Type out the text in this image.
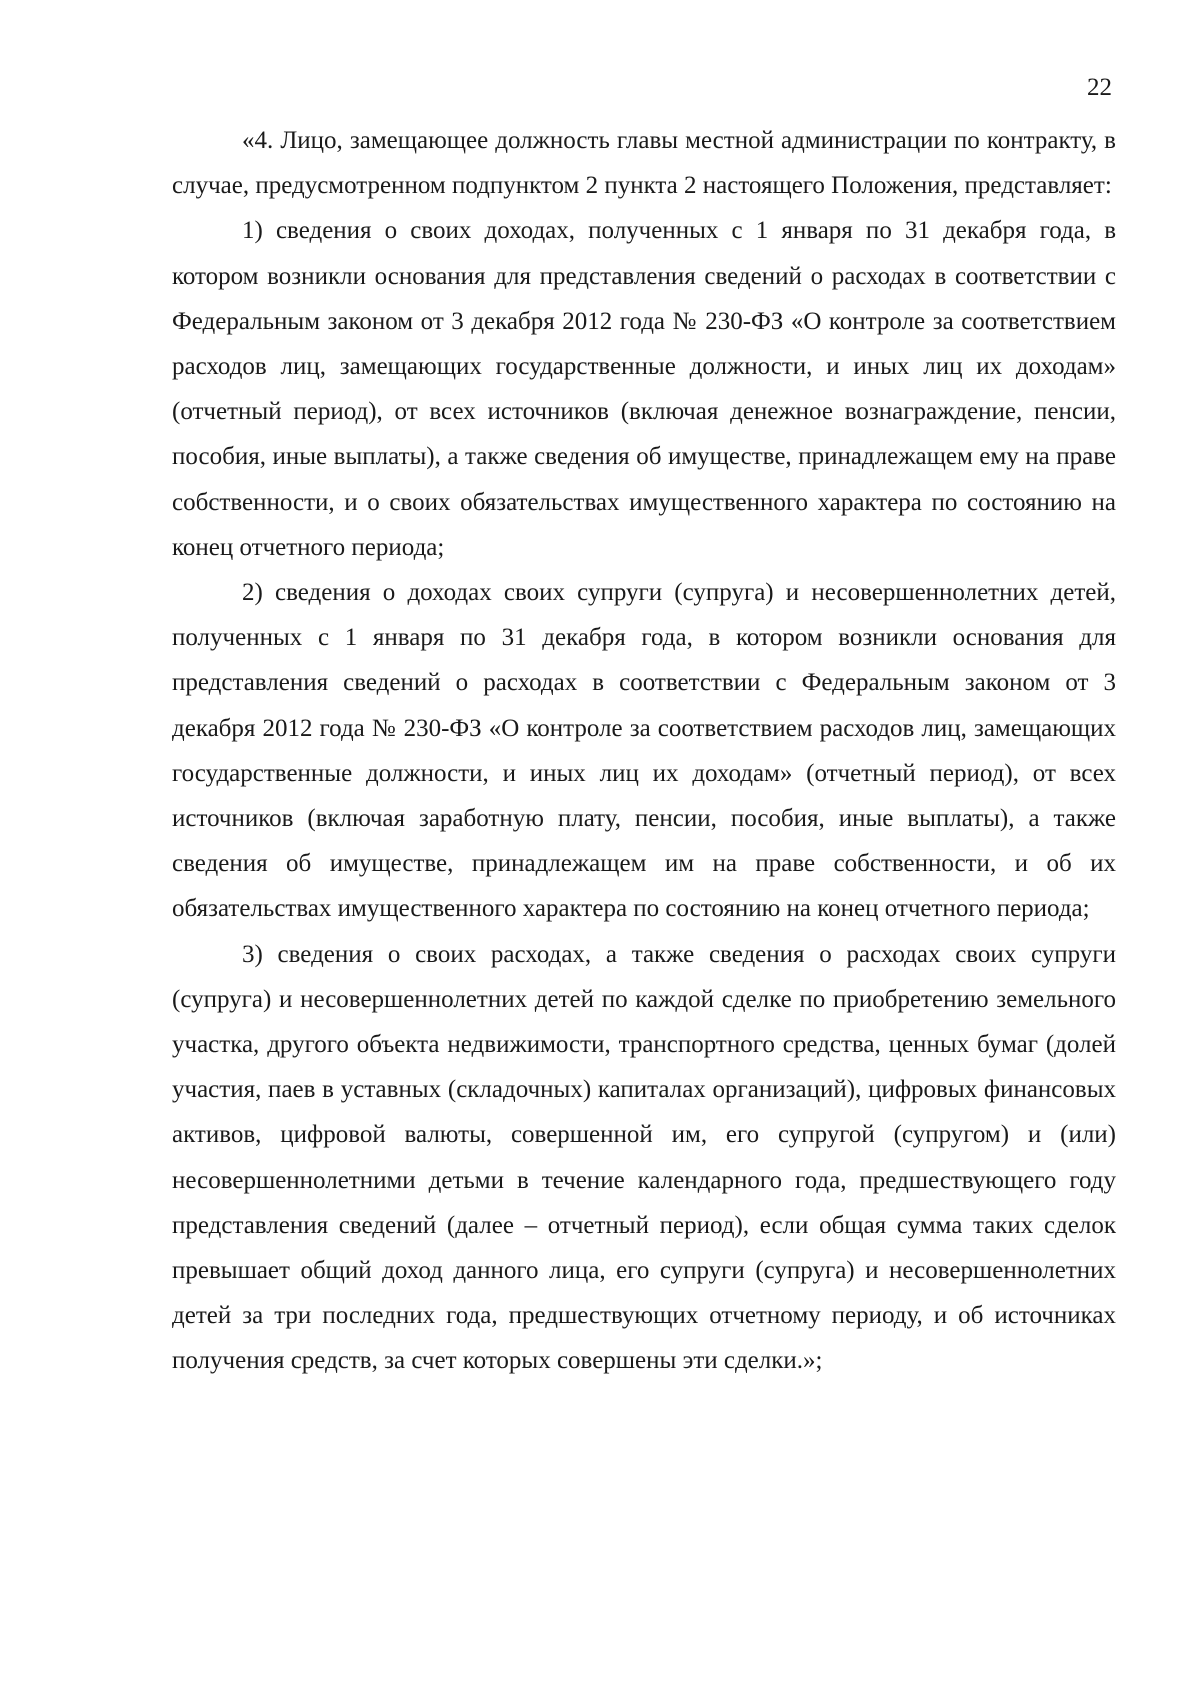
22

«4. Лицо, замещающее должность главы местной администрации по контракту, в случае, предусмотренном подпунктом 2 пункта 2 настоящего Положения, представляет:

1) сведения о своих доходах, полученных с 1 января по 31 декабря года, в котором возникли основания для представления сведений о расходах в соответствии с Федеральным законом от 3 декабря 2012 года № 230-ФЗ «О контроле за соответствием расходов лиц, замещающих государственные должности, и иных лиц их доходам» (отчетный период), от всех источников (включая денежное вознаграждение, пенсии, пособия, иные выплаты), а также сведения об имуществе, принадлежащем ему на праве собственности, и о своих обязательствах имущественного характера по состоянию на конец отчетного периода;

2) сведения о доходах своих супруги (супруга) и несовершеннолетних детей, полученных с 1 января по 31 декабря года, в котором возникли основания для представления сведений о расходах в соответствии с Федеральным законом от 3 декабря 2012 года № 230-ФЗ «О контроле за соответствием расходов лиц, замещающих государственные должности, и иных лиц их доходам» (отчетный период), от всех источников (включая заработную плату, пенсии, пособия, иные выплаты), а также сведения об имуществе, принадлежащем им на праве собственности, и об их обязательствах имущественного характера по состоянию на конец отчетного периода;

3) сведения о своих расходах, а также сведения о расходах своих супруги (супруга) и несовершеннолетних детей по каждой сделке по приобретению земельного участка, другого объекта недвижимости, транспортного средства, ценных бумаг (долей участия, паев в уставных (складочных) капиталах организаций), цифровых финансовых активов, цифровой валюты, совершенной им, его супругой (супругом) и (или) несовершеннолетними детьми в течение календарного года, предшествующего году представления сведений (далее – отчетный период), если общая сумма таких сделок превышает общий доход данного лица, его супруги (супруга) и несовершеннолетних детей за три последних года, предшествующих отчетному периоду, и об источниках получения средств, за счет которых совершены эти сделки.»;
